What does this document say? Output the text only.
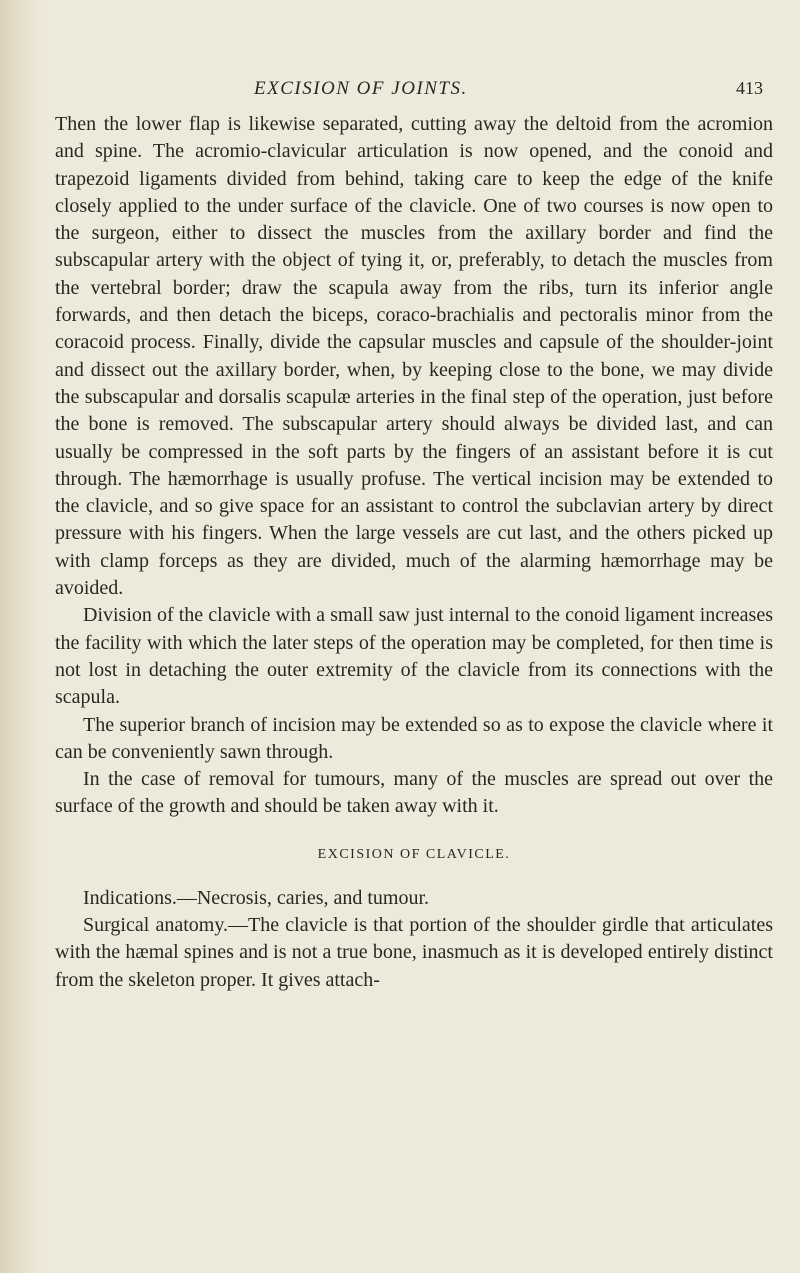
EXCISION OF JOINTS.	413

Then the lower flap is likewise separated, cutting away the deltoid from the acromion and spine. The acromio-clavicular articulation is now opened, and the conoid and trapezoid ligaments divided from behind, taking care to keep the edge of the knife closely applied to the under surface of the clavicle. One of two courses is now open to the surgeon, either to dissect the muscles from the axillary border and find the subscapular artery with the object of tying it, or, preferably, to detach the muscles from the vertebral border; draw the scapula away from the ribs, turn its inferior angle forwards, and then detach the biceps, coraco-brachialis and pectoralis minor from the coracoid process. Finally, divide the capsular muscles and capsule of the shoulder-joint and dissect out the axillary border, when, by keeping close to the bone, we may divide the subscapular and dorsalis scapulæ arteries in the final step of the operation, just before the bone is removed. The subscapular artery should always be divided last, and can usually be compressed in the soft parts by the fingers of an assistant before it is cut through. The hæmorrhage is usually profuse. The vertical incision may be extended to the clavicle, and so give space for an assistant to control the subclavian artery by direct pressure with his fingers. When the large vessels are cut last, and the others picked up with clamp forceps as they are divided, much of the alarming hæmorrhage may be avoided.

Division of the clavicle with a small saw just internal to the conoid ligament increases the facility with which the later steps of the operation may be completed, for then time is not lost in detaching the outer extremity of the clavicle from its connections with the scapula.

The superior branch of incision may be extended so as to expose the clavicle where it can be conveniently sawn through.

In the case of removal for tumours, many of the muscles are spread out over the surface of the growth and should be taken away with it.

EXCISION OF CLAVICLE.

Indications.—Necrosis, caries, and tumour.

Surgical anatomy.—The clavicle is that portion of the shoulder girdle that articulates with the hæmal spines and is not a true bone, inasmuch as it is developed entirely distinct from the skeleton proper. It gives attach-
